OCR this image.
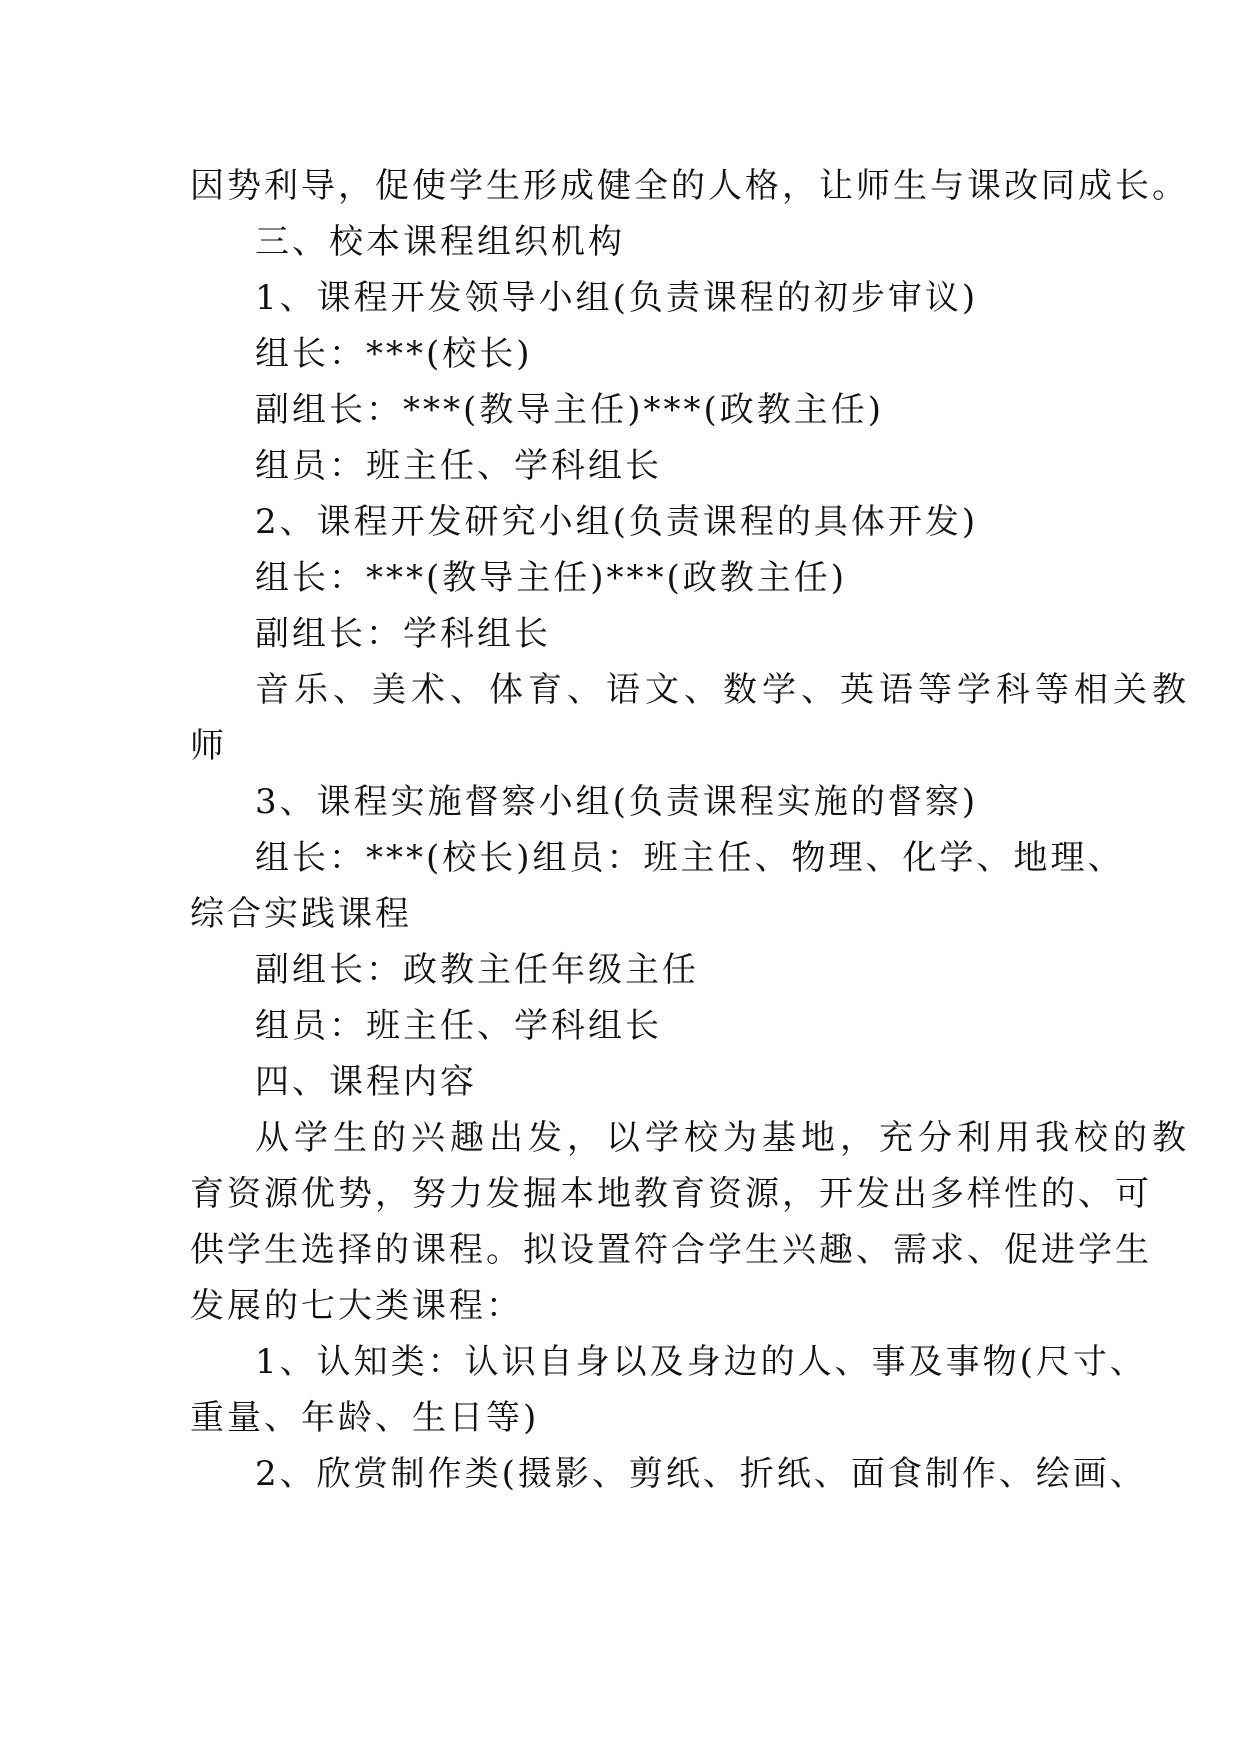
因势利导，促使学生形成健全的人格，让师生与课改同成长。
三、校本课程组织机构
1、课程开发领导小组(负责课程的初步审议)
组长：***(校长)
副组长：***(教导主任)***(政教主任)
组员：班主任、学科组长
2、课程开发研究小组(负责课程的具体开发)
组长：***(教导主任)***(政教主任)
副组长：学科组长
音乐、美术、体育、语文、数学、英语等学科等相关教
师
3、课程实施督察小组(负责课程实施的督察)
组长：***(校长)组员：班主任、物理、化学、地理、
综合实践课程
副组长：政教主任年级主任
组员：班主任、学科组长
四、课程内容
从学生的兴趣出发，以学校为基地，充分利用我校的教
育资源优势，努力发掘本地教育资源，开发出多样性的、可
供学生选择的课程。拟设置符合学生兴趣、需求、促进学生
发展的七大类课程：
1、认知类：认识自身以及身边的人、事及事物(尺寸、
重量、年龄、生日等)
2、欣赏制作类(摄影、剪纸、折纸、面食制作、绘画、
